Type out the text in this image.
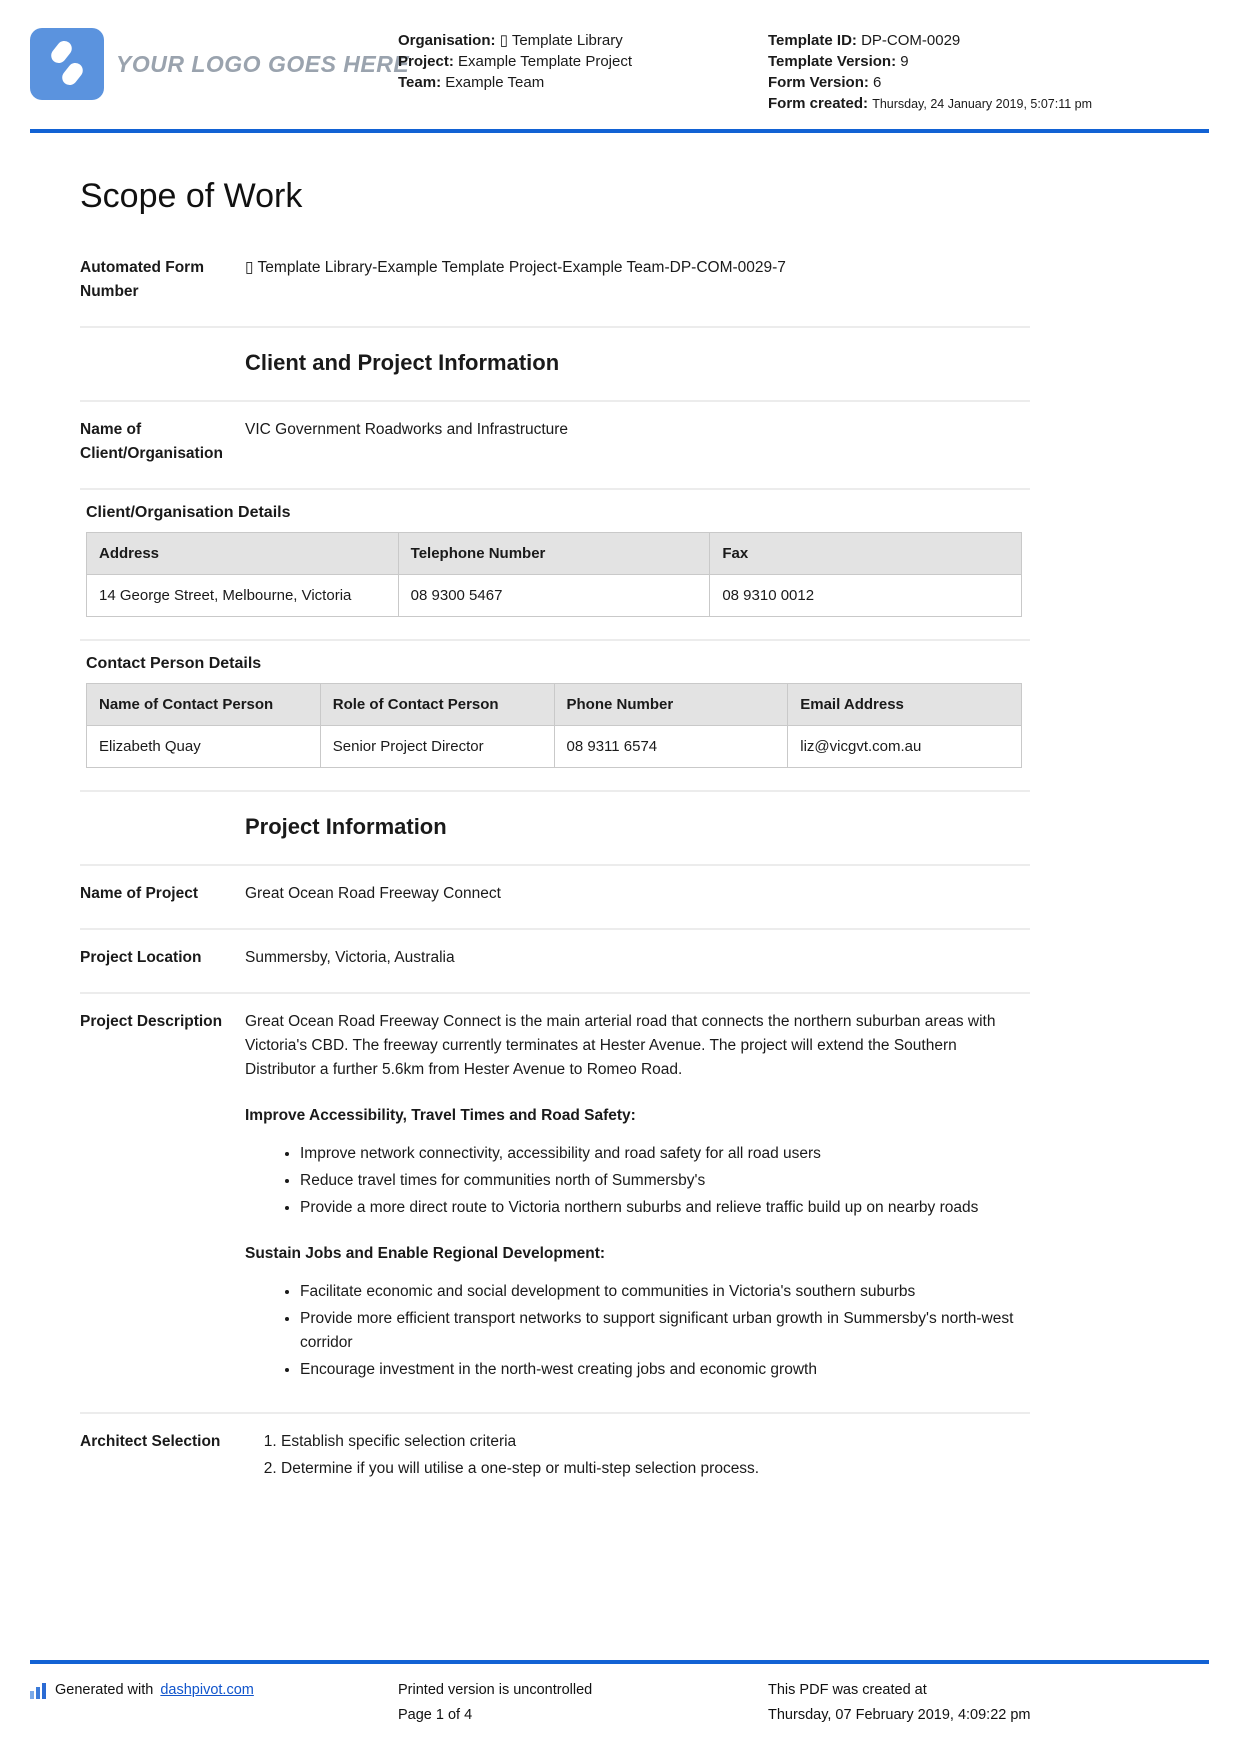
YOUR LOGO GOES HERE
Organisation: ▯ Template Library
Project: Example Template Project
Team: Example Team
Template ID: DP-COM-0029
Template Version: 9
Form Version: 6
Form created: Thursday, 24 January 2019, 5:07:11 pm
Scope of Work
Automated Form Number
▯ Template Library-Example Template Project-Example Team-DP-COM-0029-7
Client and Project Information
Name of Client/Organisation
VIC Government Roadworks and Infrastructure
Client/Organisation Details
Address	Telephone Number	Fax
14 George Street, Melbourne, Victoria	08 9300 5467	08 9310 0012
Contact Person Details
Name of Contact Person	Role of Contact Person	Phone Number	Email Address
Elizabeth Quay	Senior Project Director	08 9311 6574	liz@vicgvt.com.au
Project Information
Name of Project	Great Ocean Road Freeway Connect
Project Location	Summersby, Victoria, Australia
Project Description	Great Ocean Road Freeway Connect is the main arterial road that connects the northern suburban areas with Victoria's CBD. The freeway currently terminates at Hester Avenue. The project will extend the Southern Distributor a further 5.6km from Hester Avenue to Romeo Road.

Improve Accessibility, Travel Times and Road Safety:
• Improve network connectivity, accessibility and road safety for all road users
• Reduce travel times for communities north of Summersby's
• Provide a more direct route to Victoria northern suburbs and relieve traffic build up on nearby roads
Sustain Jobs and Enable Regional Development:
• Facilitate economic and social development to communities in Victoria's southern suburbs
• Provide more efficient transport networks to support significant urban growth in Summersby's north-west corridor
• Encourage investment in the north-west creating jobs and economic growth
Architect Selection	1. Establish specific selection criteria
2. Determine if you will utilise a one-step or multi-step selection process.
Generated with dashpivot.com	Printed version is uncontrolled
Page 1 of 4
This PDF was created at
Thursday, 07 February 2019, 4:09:22 pm
